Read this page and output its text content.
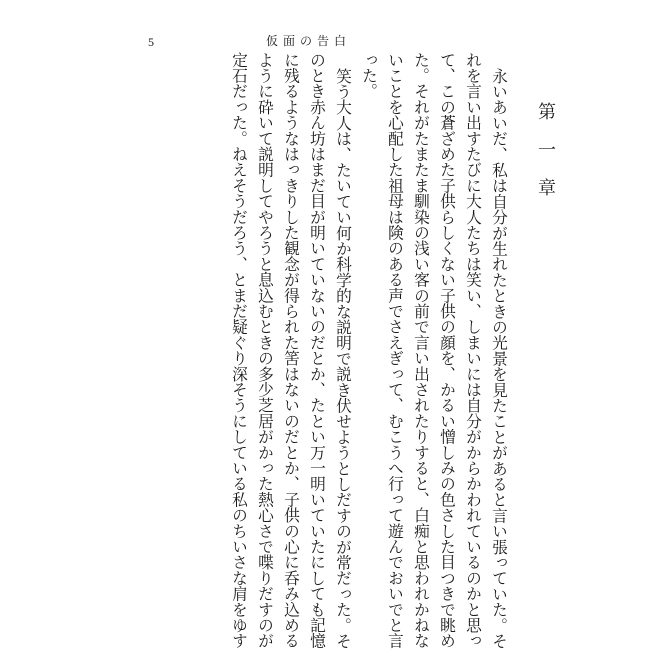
5	仮面の告白
第一章
永いあいだ、私は自分が生れたときの光景を見たことがあると言い張っていた。そ
れを言い出すたびに大人たちは笑い、しまいには自分がからかわれているのかと思っ
て、この蒼ざめた子供らしくない子供の顔を、かるい憎しみの色さした目つきで眺め
た。それがたまたま馴染の浅い客の前で言い出されたりすると、白痴と思われかねな
いことを心配した祖母は険のある声でさえぎって、むこうへ行って遊んでおいでと言
った。
笑う大人は、たいてい何か科学的な説明で説き伏せようとしだすのが常だった。そ
のとき赤ん坊はまだ目が明いていないのだとか、たとい万一明いていたにしても記憶
に残るようなはっきりした観念が得られた筈はないのだとか、子供の心に呑み込める
ように砕いて説明してやろうと息込むときの多少芝居がかった熱心さで喋りだすのが
定石だった。ねえそうだろう、とまだ疑ぐり深そうにしている私のちいさな肩をゆす
